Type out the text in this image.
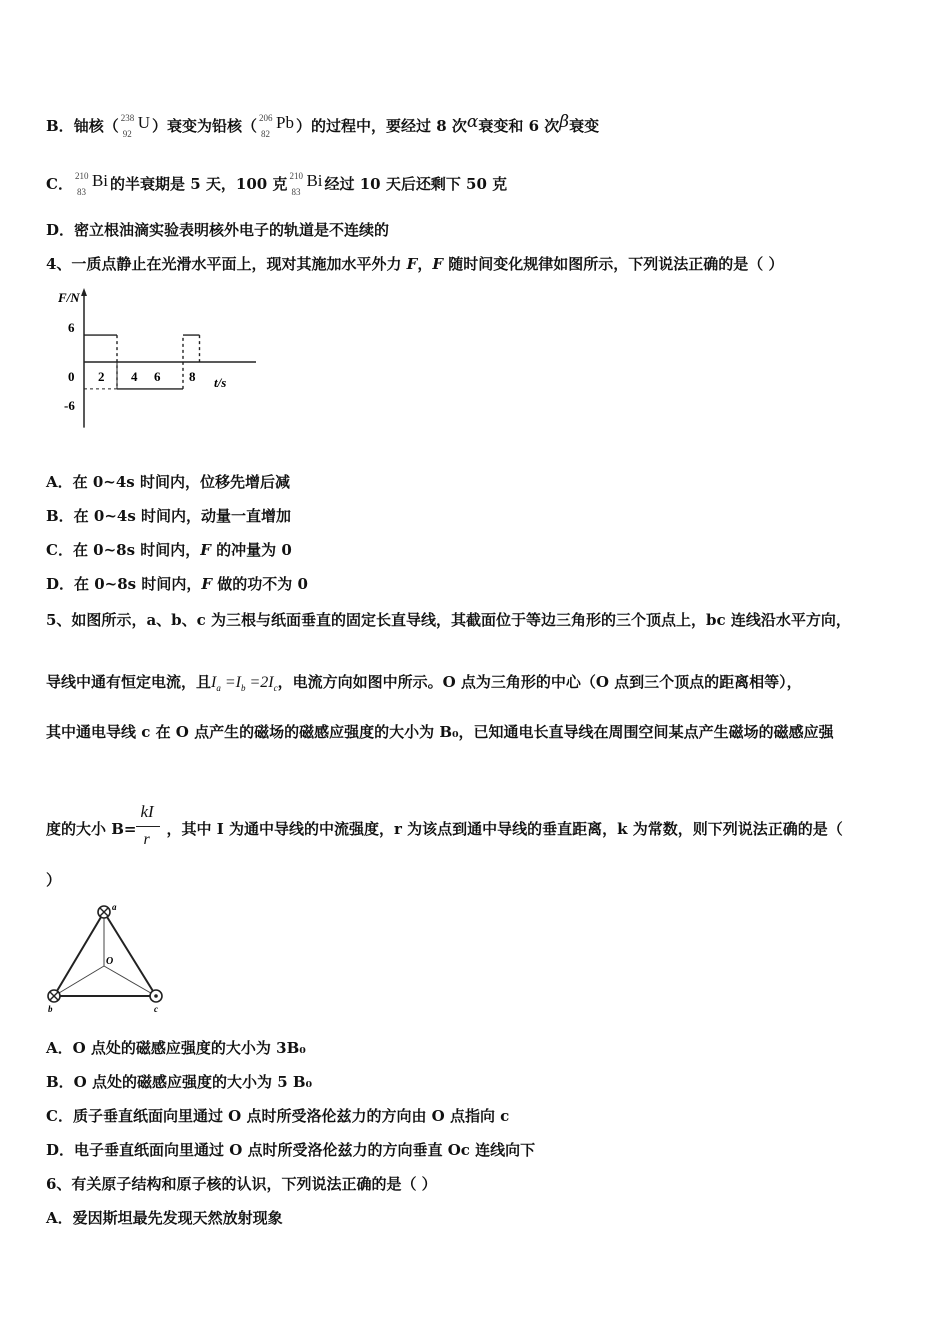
B．铀核（ 238
92
U ）衰变为铅核（ 206
82
Pb ）的过程中，要经过 8 次α衰变和 6 次β衰变
C． 210
83
Bi 的半衰期是 5 天，100 克 210
83
Bi 经过 10 天后还剩下 50 克
D．密立根油滴实验表明核外电子的轨道是不连续的
4、一质点静止在光滑水平面上，现对其施加水平外力 F，F 随时间变化规律如图所示，下列说法正确的是（ ）
F/N
t/s
6
0
-6
2 4 6 8
A．在 0~4s 时间内，位移先增后减
B．在 0~4s 时间内，动量一直增加
C．在 0~8s 时间内，F 的冲量为 0
D．在 0~8s 时间内，F 做的功不为 0
5、如图所示，a、b、c 为三根与纸面垂直的固定长直导线，其截面位于等边三角形的三个顶点上，bc 连线沿水平方向，
导线中通有恒定电流，且$I_a =I_b =2I_c$，电流方向如图中所示。O 点为三角形的中心（O 点到三个顶点的距离相等），
其中通电导线 c 在 O 点产生的磁场的磁感应强度的大小为 B₀，已知通电长直导线在周围空间某点产生磁场的磁感应强
度的大小 $B= \frac{kI}{r}$ ，其中 I 为通中导线的中流强度，r 为该点到通中导线的垂直距离，k 为常数，则下列说法正确的是（
）
a
b	c
O
A．O 点处的磁感应强度的大小为 3B₀
B．O 点处的磁感应强度的大小为 5 B₀
C．质子垂直纸面向里通过 O 点时所受洛伦兹力的方向由 O 点指向 c
D．电子垂直纸面向里通过 O 点时所受洛伦兹力的方向垂直 Oc 连线向下
6、有关原子结构和原子核的认识，下列说法正确的是（ ）
A．爱因斯坦最先发现天然放射现象
